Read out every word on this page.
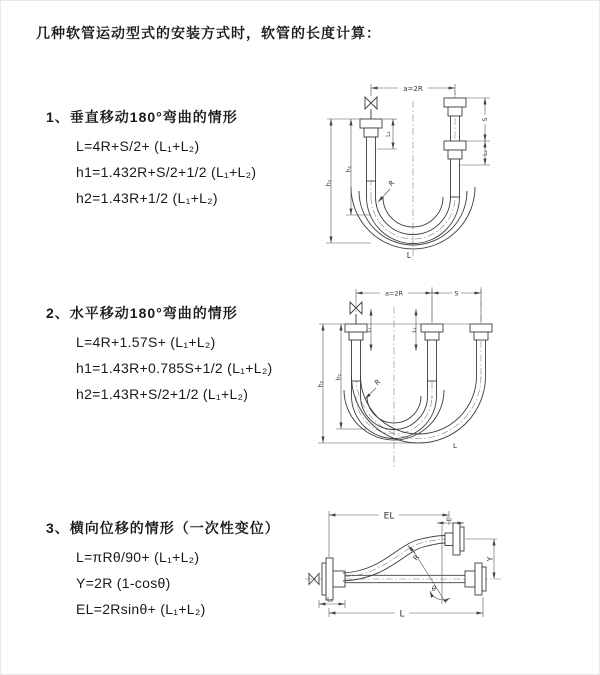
几种软管运动型式的安装方式时，软管的长度计算：
1、垂直移动180°弯曲的情形
L=4R+S/2+ (L₁+L₂)
h1=1.432R+S/2+1/2 (L₁+L₂)
h2=1.43R+1/2 (L₁+L₂)
a=2R
L₁
S
L₂
h₁
h₂	R
L
2、水平移动180°弯曲的情形
L=4R+1.57S+ (L₁+L₂)
h1=1.43R+0.785S+1/2 (L₁+L₂)
h2=1.43R+S/2+1/2 (L₁+L₂)
a=2R	S
L₁	L₂
h₁
h₂	R
L
3、横向位移的情形（一次性变位）
L=πRθ/90+ (L₁+L₂)
Y=2R (1-cosθ)
EL=2Rsinθ+ (L₁+L₂)
EL	L₂
Y
θ
R
L₁
L
